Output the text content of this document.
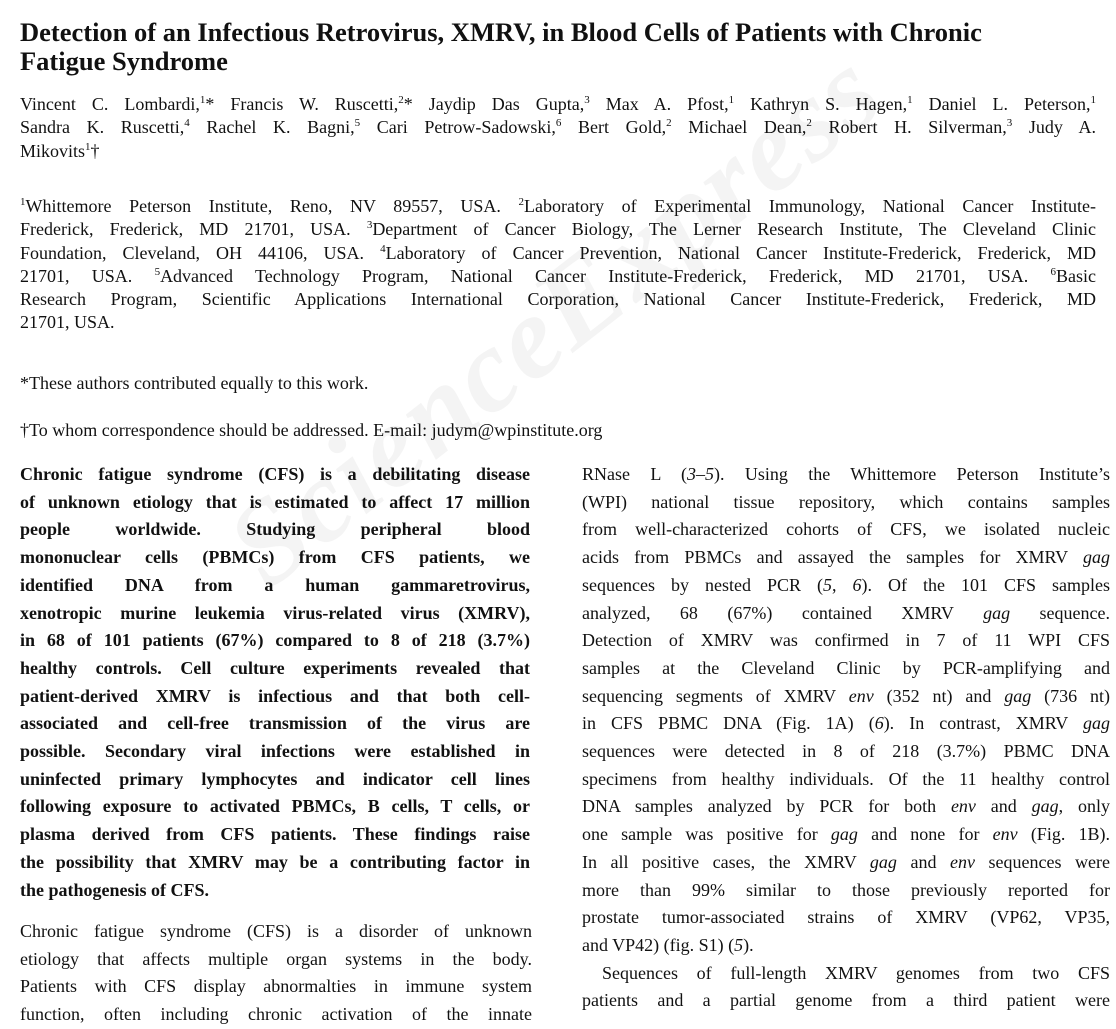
Detection of an Infectious Retrovirus, XMRV, in Blood Cells of Patients with Chronic
Fatigue Syndrome
Vincent C. Lombardi,$^1$* Francis W. Ruscetti,$^2$* Jaydip Das Gupta,$^3$ Max A. Pfost,$^1$ Kathryn S. Hagen,$^1$ Daniel L. Peterson,$^1$
Sandra K. Ruscetti,$^4$ Rachel K. Bagni,$^5$ Cari Petrow-Sadowski,$^6$ Bert Gold,$^2$ Michael Dean,$^2$ Robert H. Silverman,$^3$ Judy A.
Mikovits$^1$†
$^1$Whittemore Peterson Institute, Reno, NV 89557, USA. $^2$Laboratory of Experimental Immunology, National Cancer Institute-
Frederick, Frederick, MD 21701, USA. $^3$Department of Cancer Biology, The Lerner Research Institute, The Cleveland Clinic
Foundation, Cleveland, OH 44106, USA. $^4$Laboratory of Cancer Prevention, National Cancer Institute-Frederick, Frederick, MD
21701, USA. $^5$Advanced Technology Program, National Cancer Institute-Frederick, Frederick, MD 21701, USA. $^6$Basic
Research Program, Scientific Applications International Corporation, National Cancer Institute-Frederick, Frederick, MD
21701, USA.
*These authors contributed equally to this work.
†To whom correspondence should be addressed. E-mail: judym@wpinstitute.org
Chronic fatigue syndrome (CFS) is a debilitating disease
of unknown etiology that is estimated to affect 17 million
people worldwide. Studying peripheral blood
mononuclear cells (PBMCs) from CFS patients, we
identified DNA from a human gammaretrovirus,
xenotropic murine leukemia virus-related virus (XMRV),
in 68 of 101 patients (67%) compared to 8 of 218 (3.7%)
healthy controls. Cell culture experiments revealed that
patient-derived XMRV is infectious and that both cell-
associated and cell-free transmission of the virus are
possible. Secondary viral infections were established in
uninfected primary lymphocytes and indicator cell lines
following exposure to activated PBMCs, B cells, T cells, or
plasma derived from CFS patients. These findings raise
the possibility that XMRV may be a contributing factor in
the pathogenesis of CFS.
Chronic fatigue syndrome (CFS) is a disorder of unknown
etiology that affects multiple organ systems in the body.
Patients with CFS display abnormalties in immune system
function, often including chronic activation of the innate
RNase L (3–5). Using the Whittemore Peterson Institute’s
(WPI) national tissue repository, which contains samples
from well-characterized cohorts of CFS, we isolated nucleic
acids from PBMCs and assayed the samples for XMRV gag
sequences by nested PCR (5, 6). Of the 101 CFS samples
analyzed, 68 (67%) contained XMRV gag sequence.
Detection of XMRV was confirmed in 7 of 11 WPI CFS
samples at the Cleveland Clinic by PCR-amplifying and
sequencing segments of XMRV env (352 nt) and gag (736 nt)
in CFS PBMC DNA (Fig. 1A) (6). In contrast, XMRV gag
sequences were detected in 8 of 218 (3.7%) PBMC DNA
specimens from healthy individuals. Of the 11 healthy control
DNA samples analyzed by PCR for both env and gag, only
one sample was positive for gag and none for env (Fig. 1B).
In all positive cases, the XMRV gag and env sequences were
more than 99% similar to those previously reported for
prostate tumor-associated strains of XMRV (VP62, VP35,
and VP42) (fig. S1) (5).
Sequences of full-length XMRV genomes from two CFS
patients and a partial genome from a third patient were
